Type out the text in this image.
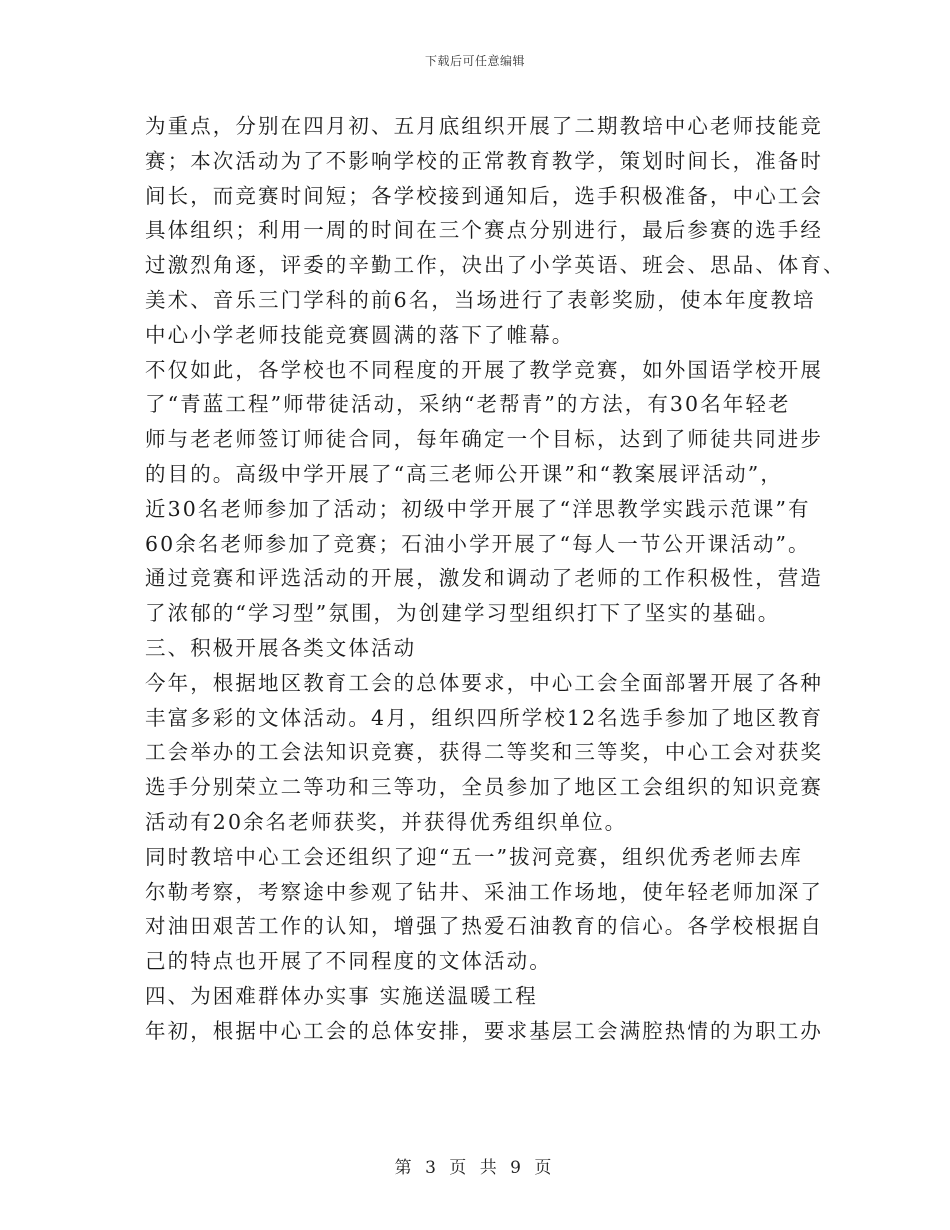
下载后可任意编辑
为重点，分别在四月初、五月底组织开展了二期教培中心老师技能竞
赛；本次活动为了不影响学校的正常教育教学，策划时间长，准备时
间长，而竞赛时间短；各学校接到通知后，选手积极准备，中心工会
具体组织；利用一周的时间在三个赛点分别进行，最后参赛的选手经
过激烈角逐，评委的辛勤工作，决出了小学英语、班会、思品、体育、
美术、音乐三门学科的前6名，当场进行了表彰奖励，使本年度教培
中心小学老师技能竞赛圆满的落下了帷幕。
不仅如此，各学校也不同程度的开展了教学竞赛，如外国语学校开展
了“青蓝工程”师带徒活动，采纳“老帮青”的方法，有30名年轻老
师与老老师签订师徒合同，每年确定一个目标，达到了师徒共同进步
的目的。高级中学开展了“高三老师公开课”和“教案展评活动”，
近30名老师参加了活动；初级中学开展了“洋思教学实践示范课”有
60余名老师参加了竞赛；石油小学开展了“每人一节公开课活动”。
通过竞赛和评选活动的开展，激发和调动了老师的工作积极性，营造
了浓郁的“学习型”氛围，为创建学习型组织打下了坚实的基础。
三、积极开展各类文体活动
今年，根据地区教育工会的总体要求，中心工会全面部署开展了各种
丰富多彩的文体活动。4月，组织四所学校12名选手参加了地区教育
工会举办的工会法知识竞赛，获得二等奖和三等奖，中心工会对获奖
选手分别荣立二等功和三等功，全员参加了地区工会组织的知识竞赛
活动有20余名老师获奖，并获得优秀组织单位。
同时教培中心工会还组织了迎“五一”拔河竞赛，组织优秀老师去库
尔勒考察，考察途中参观了钻井、采油工作场地，使年轻老师加深了
对油田艰苦工作的认知，增强了热爱石油教育的信心。各学校根据自
己的特点也开展了不同程度的文体活动。
四、为困难群体办实事 实施送温暖工程
年初，根据中心工会的总体安排，要求基层工会满腔热情的为职工办
第 3 页 共 9 页
